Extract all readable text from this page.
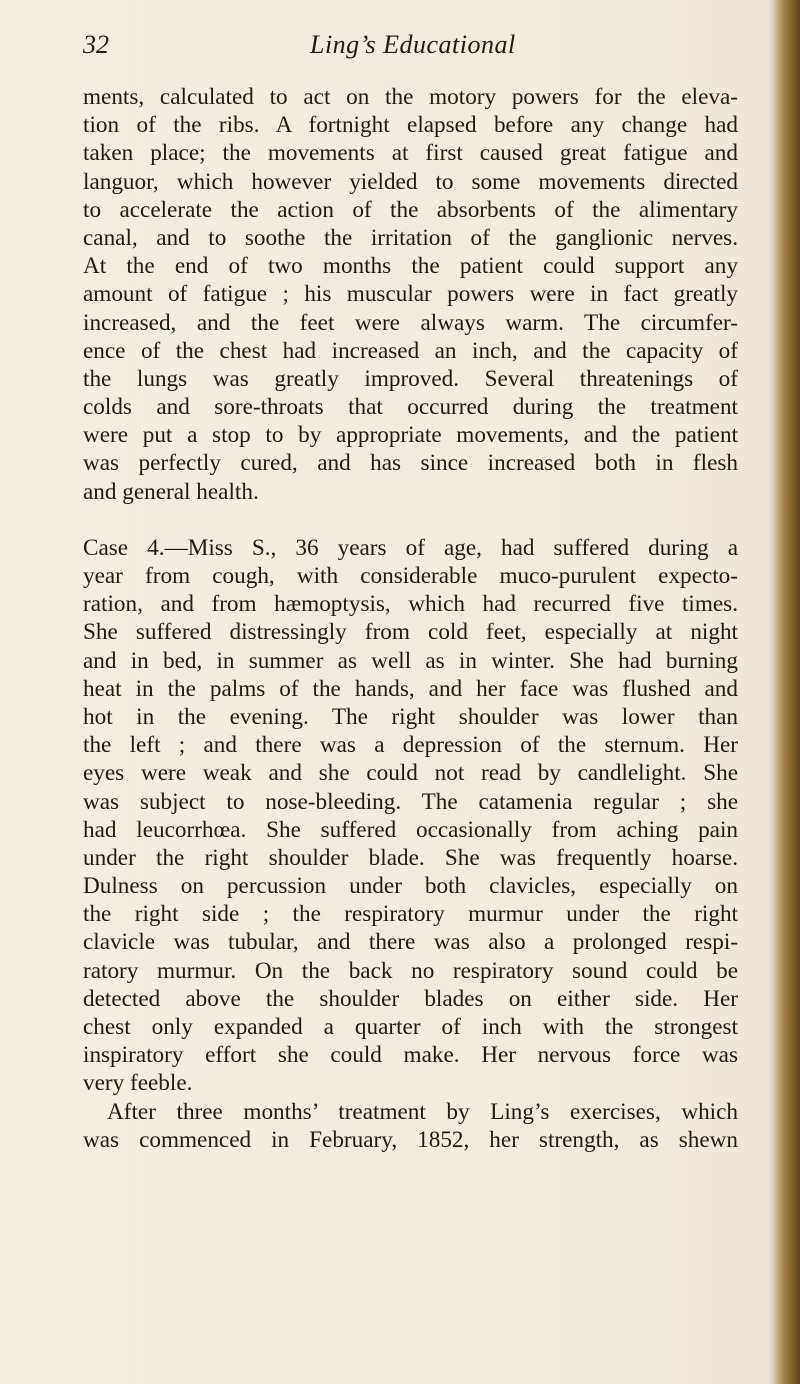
32	Ling’s Educational
ments, calculated to act on the motory powers for the eleva-
tion of the ribs. A fortnight elapsed before any change had
taken place; the movements at first caused great fatigue and
languor, which however yielded to some movements directed
to accelerate the action of the absorbents of the alimentary
canal, and to soothe the irritation of the ganglionic nerves.
At the end of two months the patient could support any
amount of fatigue ; his muscular powers were in fact greatly
increased, and the feet were always warm. The circumfer-
ence of the chest had increased an inch, and the capacity of
the lungs was greatly improved. Several threatenings of
colds and sore-throats that occurred during the treatment
were put a stop to by appropriate movements, and the patient
was perfectly cured, and has since increased both in flesh
and general health.
Case 4.—Miss S., 36 years of age, had suffered during a
year from cough, with considerable muco-purulent expecto-
ration, and from hæmoptysis, which had recurred five times.
She suffered distressingly from cold feet, especially at night
and in bed, in summer as well as in winter. She had burning
heat in the palms of the hands, and her face was flushed and
hot in the evening. The right shoulder was lower than
the left ; and there was a depression of the sternum. Her
eyes were weak and she could not read by candlelight. She
was subject to nose-bleeding. The catamenia regular ; she
had leucorrhœa. She suffered occasionally from aching pain
under the right shoulder blade. She was frequently hoarse.
Dulness on percussion under both clavicles, especially on
the right side ; the respiratory murmur under the right
clavicle was tubular, and there was also a prolonged respi-
ratory murmur. On the back no respiratory sound could be
detected above the shoulder blades on either side. Her
chest only expanded a quarter of inch with the strongest
inspiratory effort she could make. Her nervous force was
very feeble.
After three months’ treatment by Ling’s exercises, which
was commenced in February, 1852, her strength, as shewn
